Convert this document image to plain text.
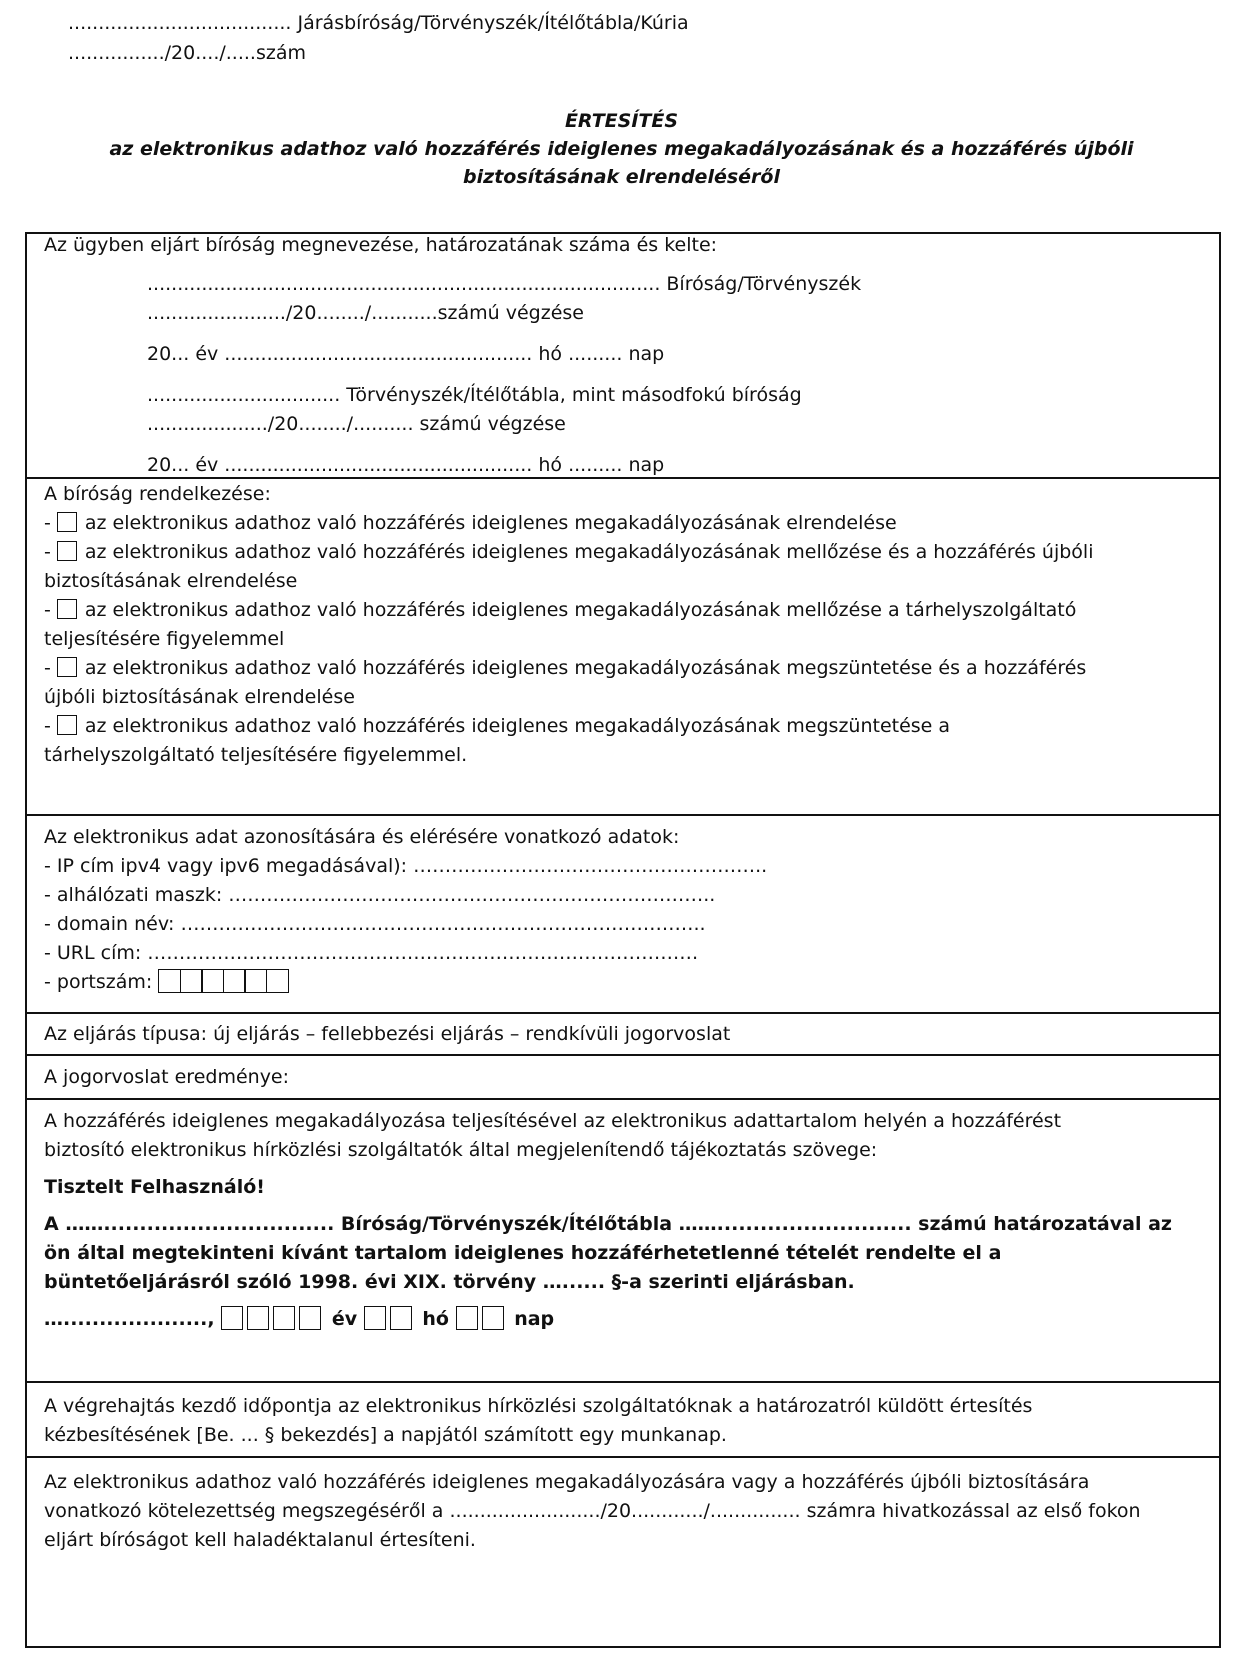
..................................... Járásbíróság/Törvényszék/Ítélőtábla/Kúria
................/20..../.....szám
ÉRTESÍTÉS
az elektronikus adathoz való hozzáférés ideiglenes megakadályozásának és a hozzáférés újbóli
biztosításának elrendeléséről
Az ügyben eljárt bíróság megnevezése, határozatának száma és kelte:
..................................................................................... Bíróság/Törvényszék
......................./20......../...........számú végzése
20... év ................................................... hó ......... nap
................................ Törvényszék/Ítélőtábla, mint másodfokú bíróság
..................../20......../.......... számú végzése
20... év ................................................... hó ......... nap
A bíróság rendelkezése:
- az elektronikus adathoz való hozzáférés ideiglenes megakadályozásának elrendelése
- az elektronikus adathoz való hozzáférés ideiglenes megakadályozásának mellőzése és a hozzáférés újbóli
biztosításának elrendelése
- az elektronikus adathoz való hozzáférés ideiglenes megakadályozásának mellőzése a tárhelyszolgáltató
teljesítésére figyelemmel
- az elektronikus adathoz való hozzáférés ideiglenes megakadályozásának megszüntetése és a hozzáférés
újbóli biztosításának elrendelése
- az elektronikus adathoz való hozzáférés ideiglenes megakadályozásának megszüntetése a
tárhelyszolgáltató teljesítésére figyelemmel.
Az elektronikus adat azonosítására és elérésére vonatkozó adatok:
- IP cím ipv4 vagy ipv6 megadásával): ………………………………………………..
- alhálózati maszk: …………………………………………………………………..
- domain név: ………………………………………………………………………..
- URL cím: ……………………………………………………………………………
- portszám:
Az eljárás típusa: új eljárás – fellebbezési eljárás – rendkívüli jogorvoslat
A jogorvoslat eredménye:
A hozzáférés ideiglenes megakadályozása teljesítésével az elektronikus adattartalom helyén a hozzáférést
biztosító elektronikus hírközlési szolgáltatók által megjelenítendő tájékoztatás szövege:
Tisztelt Felhasználó!
A ……................................ Bíróság/Törvényszék/Ítélőtábla ……........................... számú határozatával az
ön által megtekinteni kívánt tartalom ideiglenes hozzáférhetetlenné tételét rendelte el a
büntetőeljárásról szóló 1998. évi XIX. törvény …...... §-a szerinti eljárásban.
…....................,	év	hó	nap
A végrehajtás kezdő időpontja az elektronikus hírközlési szolgáltatóknak a határozatról küldött értesítés
kézbesítésének [Be. ... § bekezdés] a napjától számított egy munkanap.
Az elektronikus adathoz való hozzáférés ideiglenes megakadályozására vagy a hozzáférés újbóli biztosítására
vonatkozó kötelezettség megszegéséről a ........................./20............/............... számra hivatkozással az első fokon
eljárt bíróságot kell haladéktalanul értesíteni.
